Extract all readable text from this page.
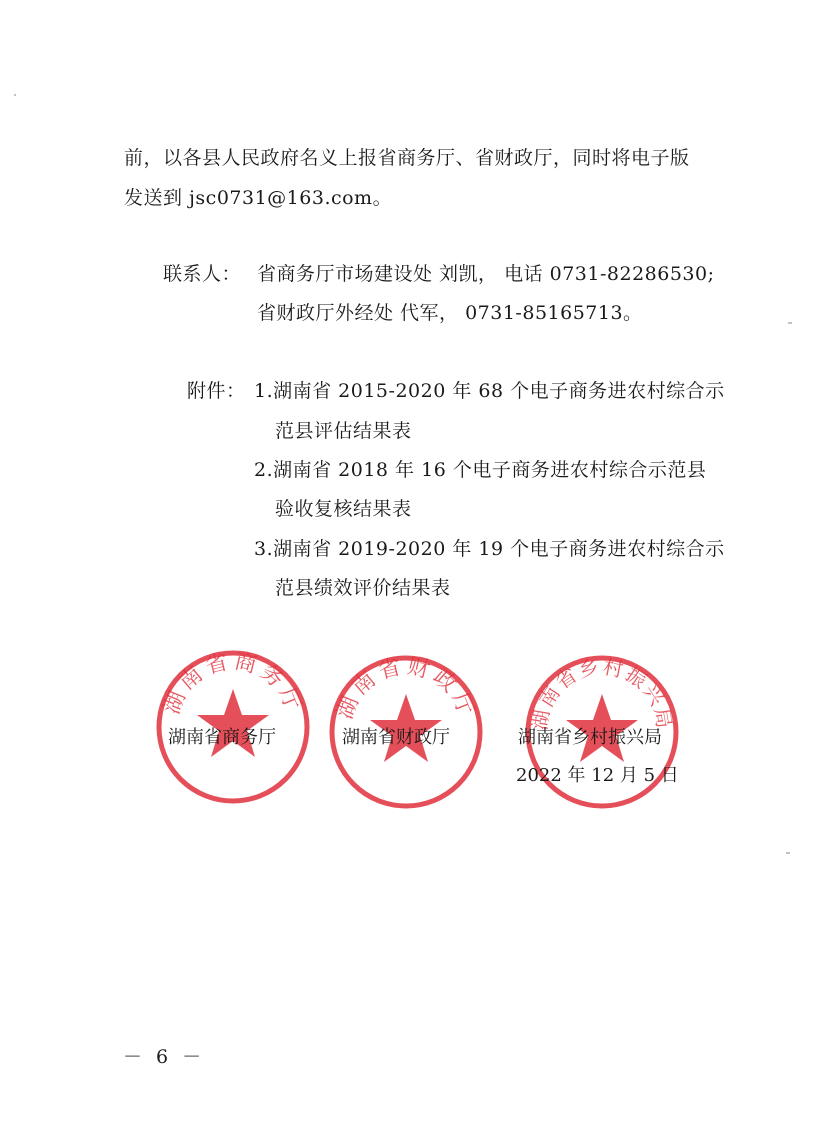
前，以各县人民政府名义上报省商务厅、省财政厅，同时将电子版
发送到 jsc0731@163.com。
联系人： 省商务厅市场建设处 刘凯， 电话 0731-82286530;
省财政厅外经处 代军， 0731-85165713。
附件： 1.湖南省 2015-2020 年 68 个电子商务进农村综合示
范县评估结果表
2.湖南省 2018 年 16 个电子商务进农村综合示范县
验收复核结果表
3.湖南省 2019-2020 年 19 个电子商务进农村综合示
范县绩效评价结果表
湖南省商务厅 湖南省财政厅 湖南省乡村振兴局
湖南省商务厅	湖南省财政厅	湖南省乡村振兴局
2022 年 12 月 5 日
－ 6 －
